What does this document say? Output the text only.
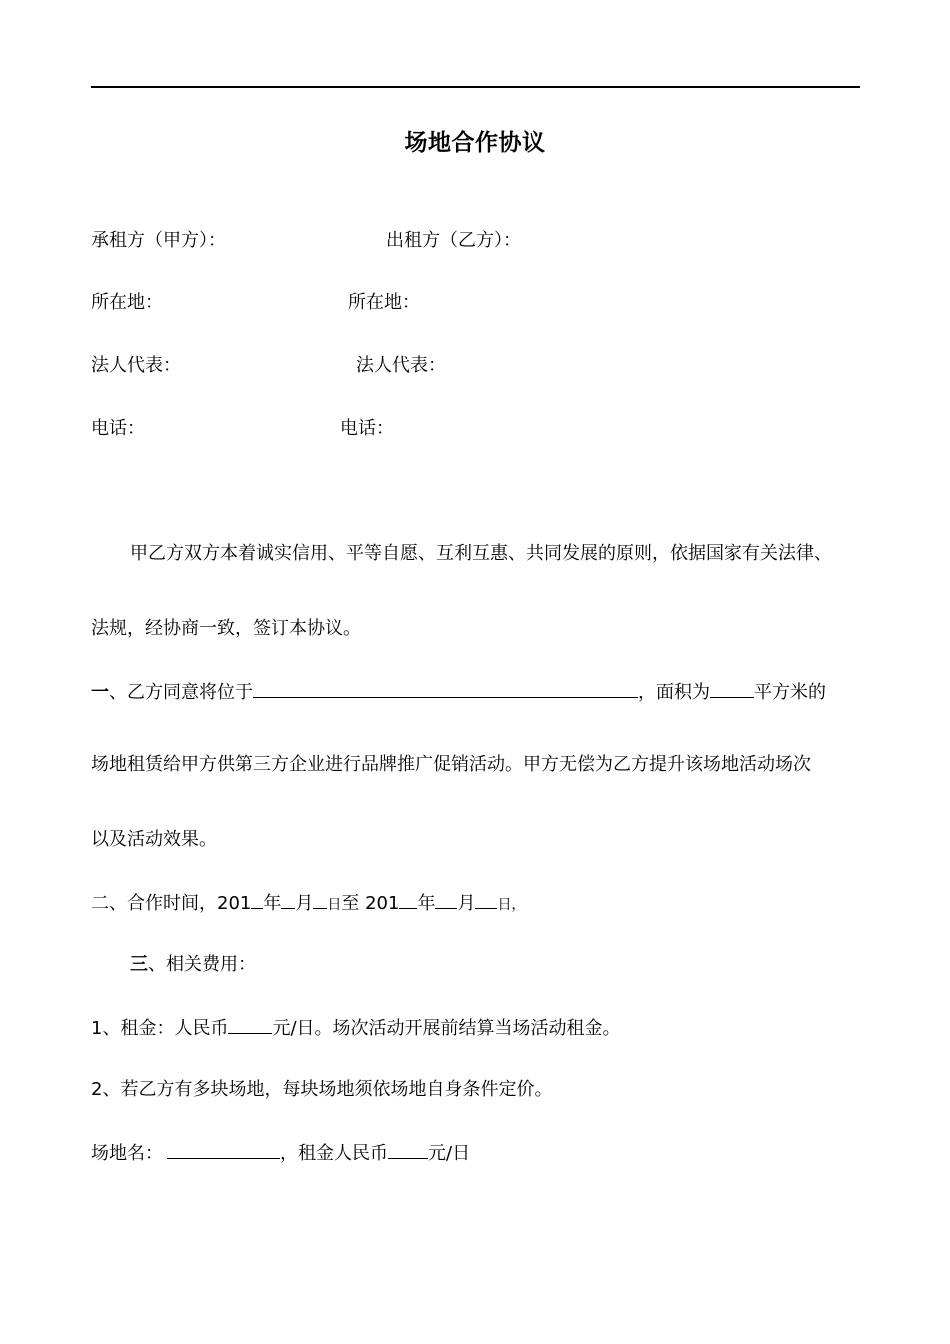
场地合作协议
承租方（甲方）：	出租方（乙方）：
所在地：	所在地：
法人代表：	法人代表：
电话：	电话：
甲乙方双方本着诚实信用、平等自愿、互利互惠、共同发展的原则，依据国家有关法律、
法规，经协商一致，签订本协议。
一、乙方同意将位于	，面积为 平方米的
场地租赁给甲方供第三方企业进行品牌推广促销活动。甲方无偿为乙方提升该场地活动场次
以及活动效果。
二、合作时间，201 年 月 日至 201 年 月 日，
三、相关费用：
1、租金：人民币 元/日。场次活动开展前结算当场活动租金。
2、若乙方有多块场地，每块场地须依场地自身条件定价。
场地名：	，租金人民币 元/日
